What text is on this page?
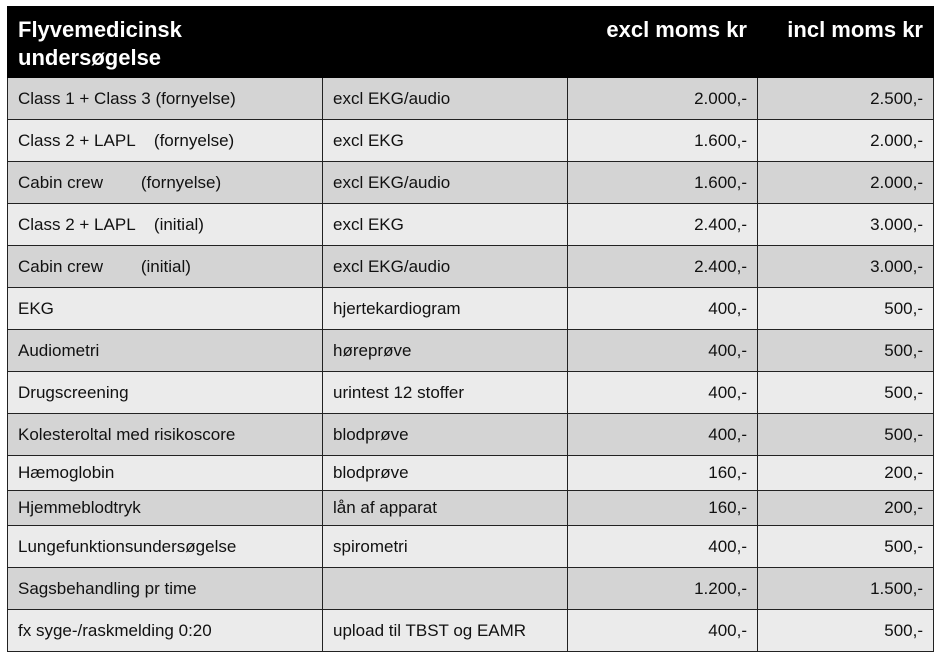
Flyvemedicinsk
undersøgelse		excl moms kr	incl moms kr
Class 1 + Class 3 (fornyelse)	excl EKG/audio	2.000,-	2.500,-
Class 2 + LAPL    (fornyelse)	excl EKG	1.600,-	2.000,-
Cabin crew        (fornyelse)	excl EKG/audio	1.600,-	2.000,-
Class 2 + LAPL    (initial)	excl EKG	2.400,-	3.000,-
Cabin crew        (initial)	excl EKG/audio	2.400,-	3.000,-
EKG	hjertekardiogram	400,-	500,-
Audiometri	høreprøve	400,-	500,-
Drugscreening	urintest 12 stoffer	400,-	500,-
Kolesteroltal med risikoscore	blodprøve	400,-	500,-
Hæmoglobin	blodprøve	160,-	200,-
Hjemmeblodtryk	lån af apparat	160,-	200,-
Lungefunktionsundersøgelse	spirometri	400,-	500,-
Sagsbehandling pr time		1.200,-	1.500,-
fx syge-/raskmelding 0:20	upload til TBST og EAMR	400,-	500,-
